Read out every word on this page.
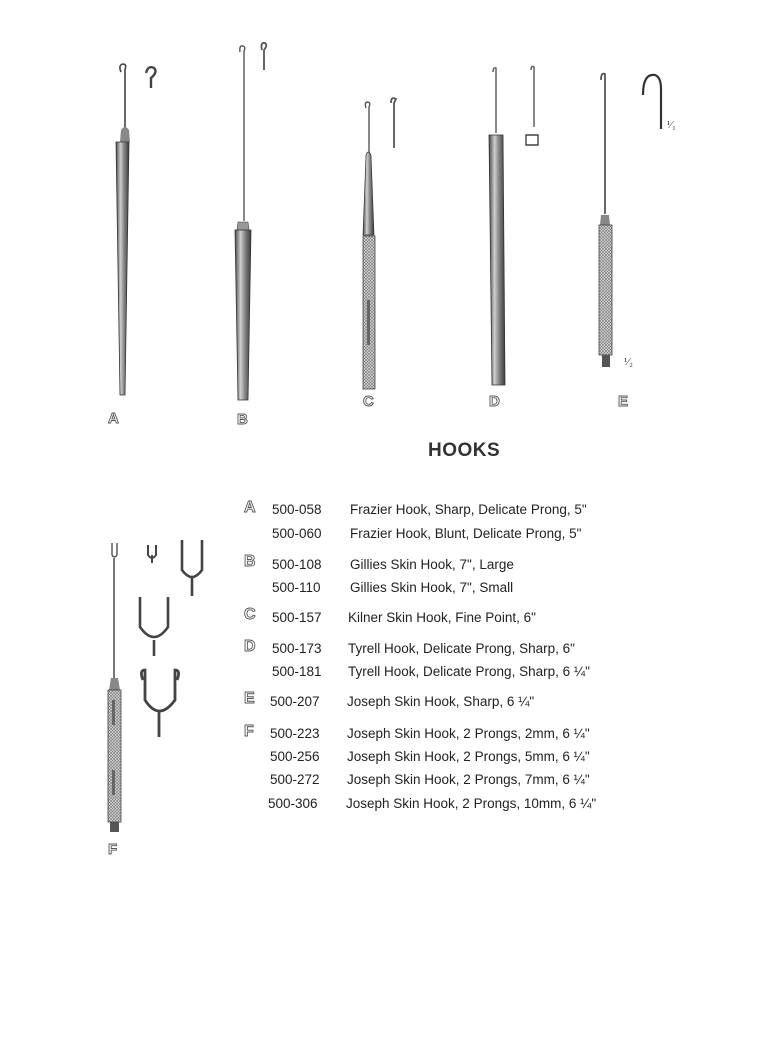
A	B
C	D	E
F
¹⁄₁
¹⁄₂
HOOKS
A 500-058 Frazier Hook, Sharp, Delicate Prong, 5"
500-060 Frazier Hook, Blunt, Delicate Prong, 5"
B 500-108 Gillies Skin Hook, 7", Large
500-110 Gillies Skin Hook, 7", Small
C 500-157 Kilner Skin Hook, Fine Point, 6"
D 500-173 Tyrell Hook, Delicate Prong, Sharp, 6"
500-181 Tyrell Hook, Delicate Prong, Sharp, 6 ¼"
E 500-207 Joseph Skin Hook, Sharp, 6 ¼"
F 500-223 Joseph Skin Hook, 2 Prongs, 2mm, 6 ¼"
500-256 Joseph Skin Hook, 2 Prongs, 5mm, 6 ¼"
500-272 Joseph Skin Hook, 2 Prongs, 7mm, 6 ¼"
500-306 Joseph Skin Hook, 2 Prongs, 10mm, 6 ¼"
